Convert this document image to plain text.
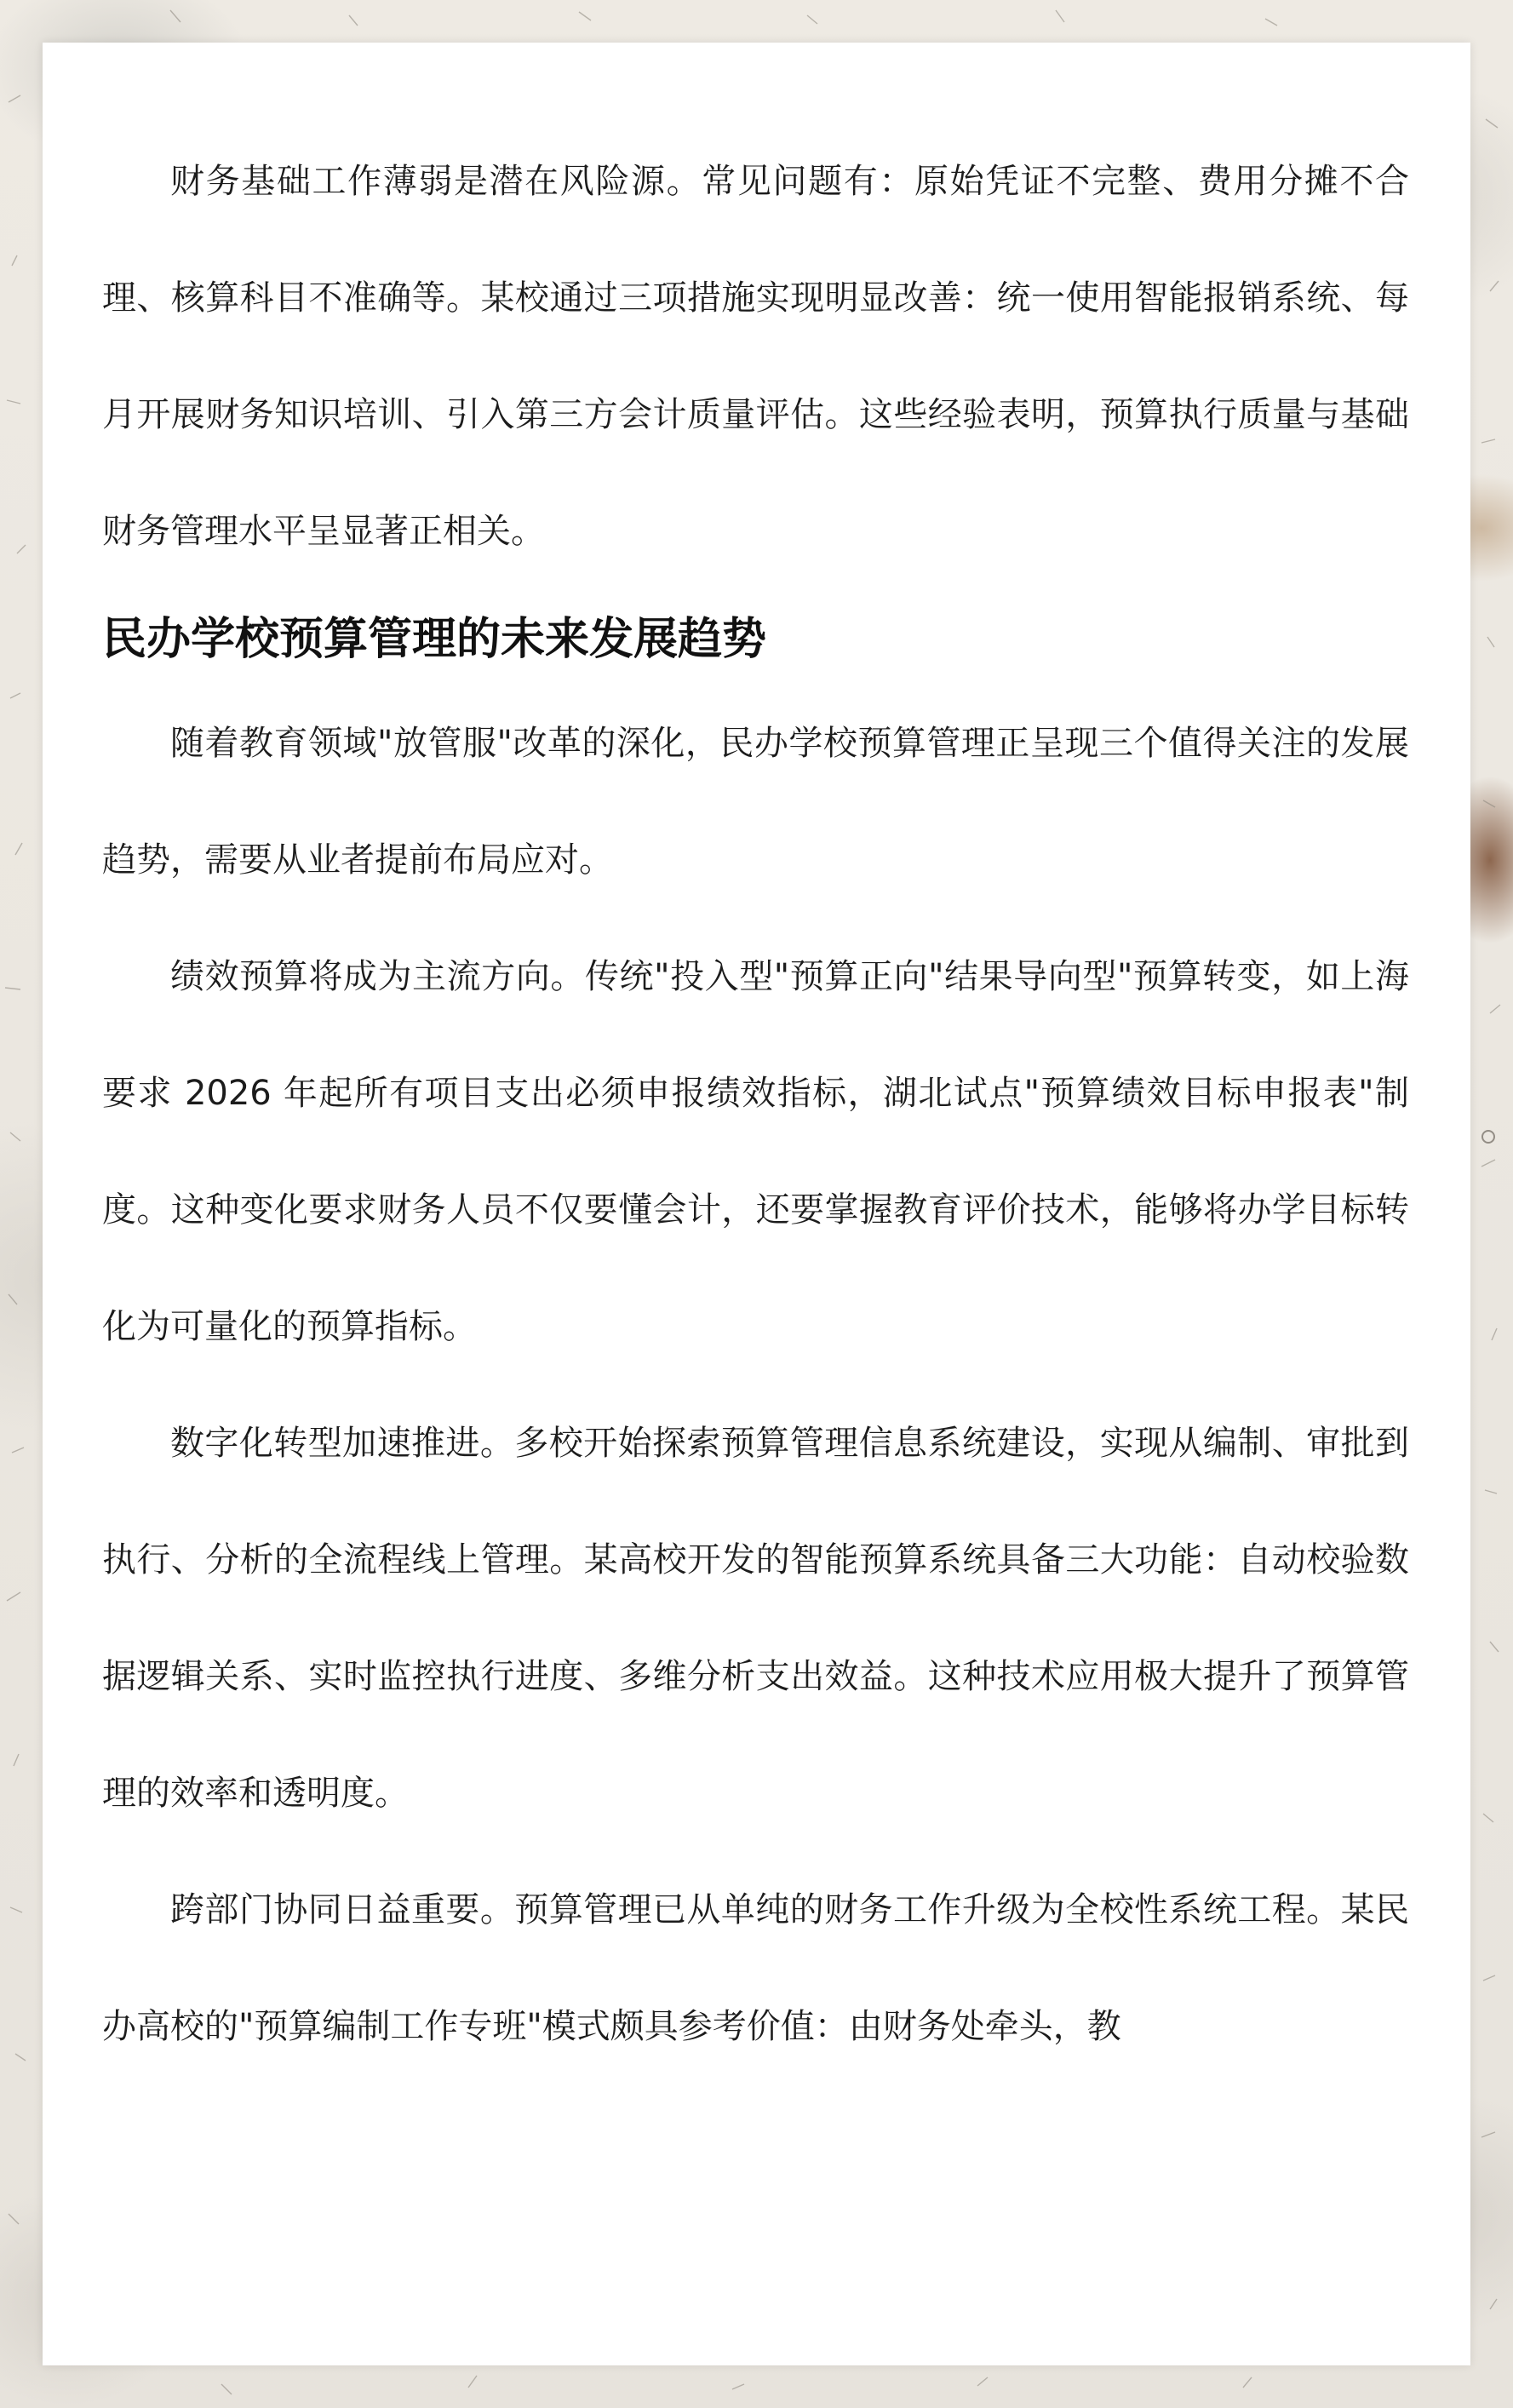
财务基础工作薄弱是潜在风险源。常见问题有：原始凭证不完整、费用分摊不合理、核算科目不准确等。某校通过三项措施实现明显改善：统一使用智能报销系统、每月开展财务知识培训、引入第三方会计质量评估。这些经验表明，预算执行质量与基础财务管理水平呈显著正相关。

民办学校预算管理的未来发展趋势

随着教育领域"放管服"改革的深化，民办学校预算管理正呈现三个值得关注的发展趋势，需要从业者提前布局应对。

绩效预算将成为主流方向。传统"投入型"预算正向"结果导向型"预算转变，如上海要求 2026 年起所有项目支出必须申报绩效指标，湖北试点"预算绩效目标申报表"制度。这种变化要求财务人员不仅要懂会计，还要掌握教育评价技术，能够将办学目标转化为可量化的预算指标。

数字化转型加速推进。多校开始探索预算管理信息系统建设，实现从编制、审批到执行、分析的全流程线上管理。某高校开发的智能预算系统具备三大功能：自动校验数据逻辑关系、实时监控执行进度、多维分析支出效益。这种技术应用极大提升了预算管理的效率和透明度。

跨部门协同日益重要。预算管理已从单纯的财务工作升级为全校性系统工程。某民办高校的"预算编制工作专班"模式颇具参考价值：由财务处牵头，教
